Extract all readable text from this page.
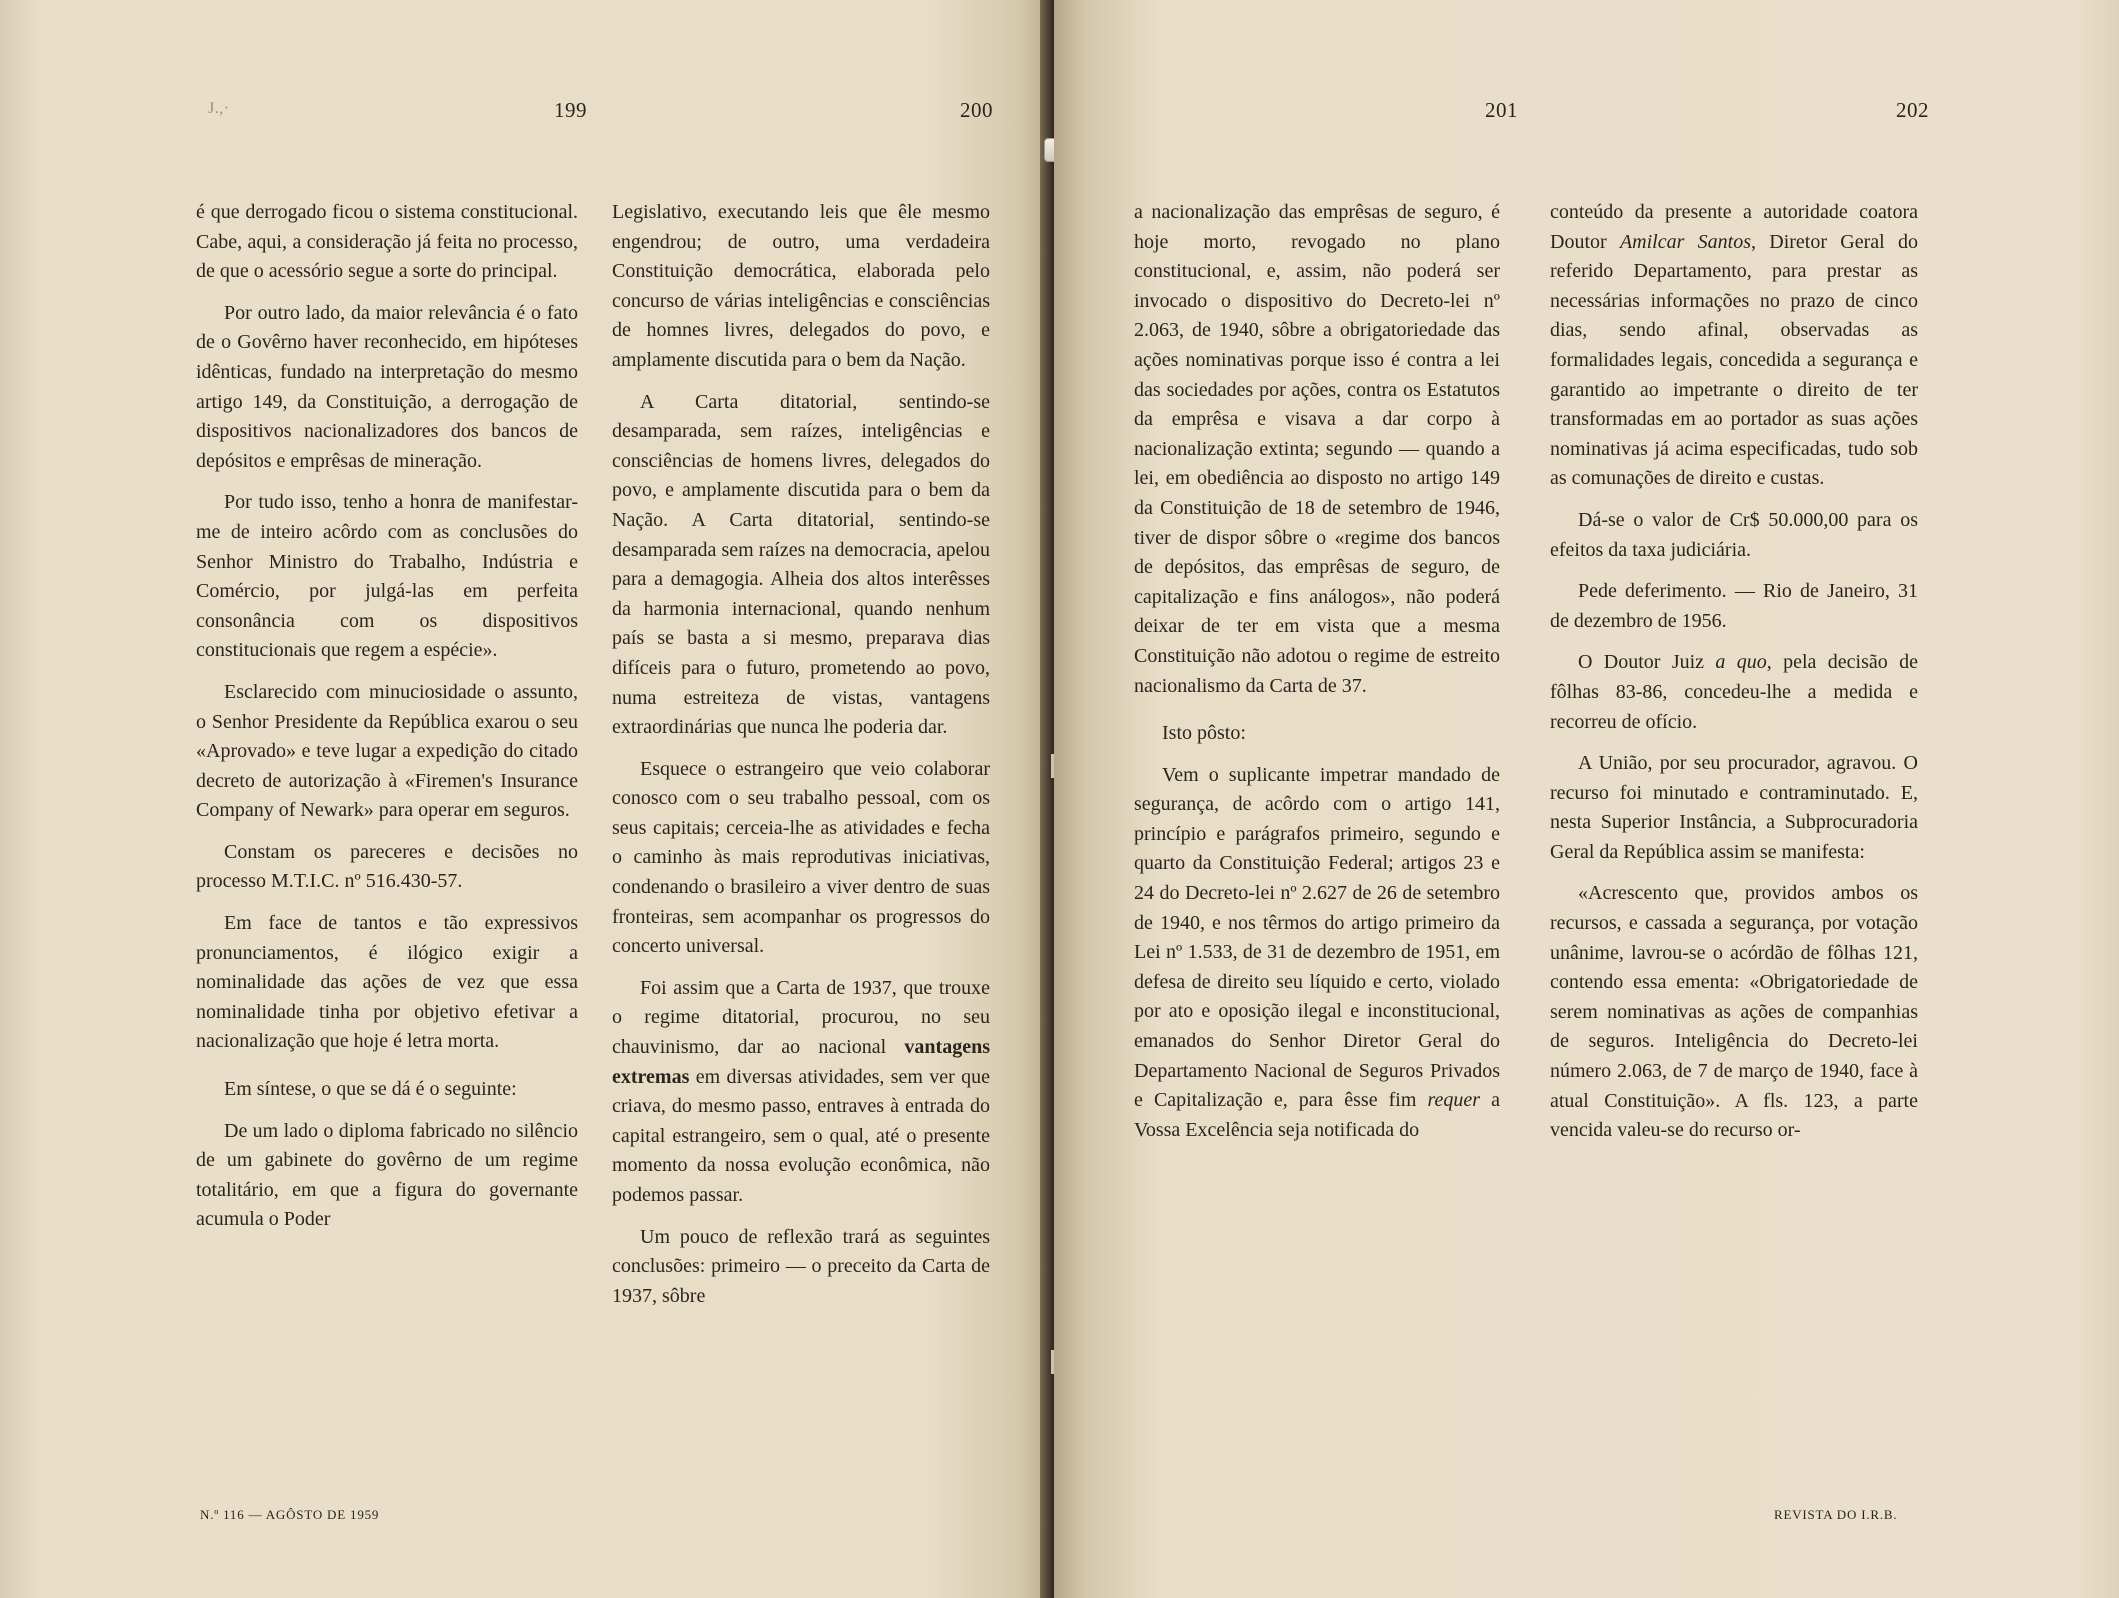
J.,·	199	200

é que derrogado ficou o sistema constitucional. Cabe, aqui, a consideração já feita no processo, de que o acessório segue a sorte do principal.

Por outro lado, da maior relevância é o fato de o Govêrno haver reconhecido, em hipóteses idênticas, fundado na interpretação do mesmo artigo 149, da Constituição, a derrogação de dispositivos nacionalizadores dos bancos de depósitos e emprêsas de mineração.

Por tudo isso, tenho a honra de manifestar-me de inteiro acôrdo com as conclusões do Senhor Ministro do Trabalho, Indústria e Comércio, por julgá-las em perfeita consonância com os dispositivos constitucionais que regem a espécie».

Esclarecido com minuciosidade o assunto, o Senhor Presidente da República exarou o seu «Aprovado» e teve lugar a expedição do citado decreto de autorização à «Firemen's Insurance Company of Newark» para operar em seguros.

Constam os pareceres e decisões no processo M.T.I.C. nº 516.430-57.

Em face de tantos e tão expressivos pronunciamentos, é ilógico exigir a nominalidade das ações de vez que essa nominalidade tinha por objetivo efetivar a nacionalização que hoje é letra morta.

Em síntese, o que se dá é o seguinte:

De um lado o diploma fabricado no silêncio de um gabinete do govêrno de um regime totalitário, em que a figura do governante acumula o Poder

Legislativo, executando leis que êle mesmo engendrou; de outro, uma verdadeira Constituição democrática, elaborada pelo concurso de várias inteligências e consciências de homnes livres, delegados do povo, e amplamente discutida para o bem da Nação.

A Carta ditatorial, sentindo-se desamparada, sem raízes, inteligências e consciências de homens livres, delegados do povo, e amplamente discutida para o bem da Nação. A Carta ditatorial, sentindo-se desamparada sem raízes na democracia, apelou para a demagogia. Alheia dos altos interêsses da harmonia internacional, quando nenhum país se basta a si mesmo, preparava dias difíceis para o futuro, prometendo ao povo, numa estreiteza de vistas, vantagens extraordinárias que nunca lhe poderia dar.

Esquece o estrangeiro que veio colaborar conosco com o seu trabalho pessoal, com os seus capitais; cerceia-lhe as atividades e fecha o caminho às mais reprodutivas iniciativas, condenando o brasileiro a viver dentro de suas fronteiras, sem acompanhar os progressos do concerto universal.

Foi assim que a Carta de 1937, que trouxe o regime ditatorial, procurou, no seu chauvinismo, dar ao nacional vantagens extremas em diversas atividades, sem ver que criava, do mesmo passo, entraves à entrada do capital estrangeiro, sem o qual, até o presente momento da nossa evolução econômica, não podemos passar.

Um pouco de reflexão trará as seguintes conclusões: primeiro — o preceito da Carta de 1937, sôbre

N.º 116 — AGÔSTO DE 1959
201	202

a nacionalização das emprêsas de seguro, é hoje morto, revogado no plano constitucional, e, assim, não poderá ser invocado o dispositivo do Decreto-lei nº 2.063, de 1940, sôbre a obrigatoriedade das ações nominativas porque isso é contra a lei das sociedades por ações, contra os Estatutos da emprêsa e visava a dar corpo à nacionalização extinta; segundo — quando a lei, em obediência ao disposto no artigo 149 da Constituição de 18 de setembro de 1946, tiver de dispor sôbre o «regime dos bancos de depósitos, das emprêsas de seguro, de capitalização e fins análogos», não poderá deixar de ter em vista que a mesma Constituição não adotou o regime de estreito nacionalismo da Carta de 37.

Isto pôsto:

Vem o suplicante impetrar mandado de segurança, de acôrdo com o artigo 141, princípio e parágrafos primeiro, segundo e quarto da Constituição Federal; artigos 23 e 24 do Decreto-lei nº 2.627 de 26 de setembro de 1940, e nos têrmos do artigo primeiro da Lei nº 1.533, de 31 de dezembro de 1951, em defesa de direito seu líquido e certo, violado por ato e oposição ilegal e inconstitucional, emanados do Senhor Diretor Geral do Departamento Nacional de Seguros Privados e Capitalização e, para êsse fim requer a Vossa Excelência seja notificada do

conteúdo da presente a autoridade coatora Doutor Amilcar Santos, Diretor Geral do referido Departamento, para prestar as necessárias informações no prazo de cinco dias, sendo afinal, observadas as formalidades legais, concedida a segurança e garantido ao impetrante o direito de ter transformadas em ao portador as suas ações nominativas já acima especificadas, tudo sob as comunações de direito e custas.

Dá-se o valor de Cr$ 50.000,00 para os efeitos da taxa judiciária.

Pede deferimento. — Rio de Janeiro, 31 de dezembro de 1956.

O Doutor Juiz a quo, pela decisão de fôlhas 83-86, concedeu-lhe a medida e recorreu de ofício.

A União, por seu procurador, agravou. O recurso foi minutado e contraminutado. E, nesta Superior Instância, a Subprocuradoria Geral da República assim se manifesta:

«Acrescento que, providos ambos os recursos, e cassada a segurança, por votação unânime, lavrou-se o acórdão de fôlhas 121, contendo essa ementa: «Obrigatoriedade de serem nominativas as ações de companhias de seguros. Inteligência do Decreto-lei número 2.063, de 7 de março de 1940, face à atual Constituição». A fls. 123, a parte vencida valeu-se do recurso or-

REVISTA DO I.R.B.
